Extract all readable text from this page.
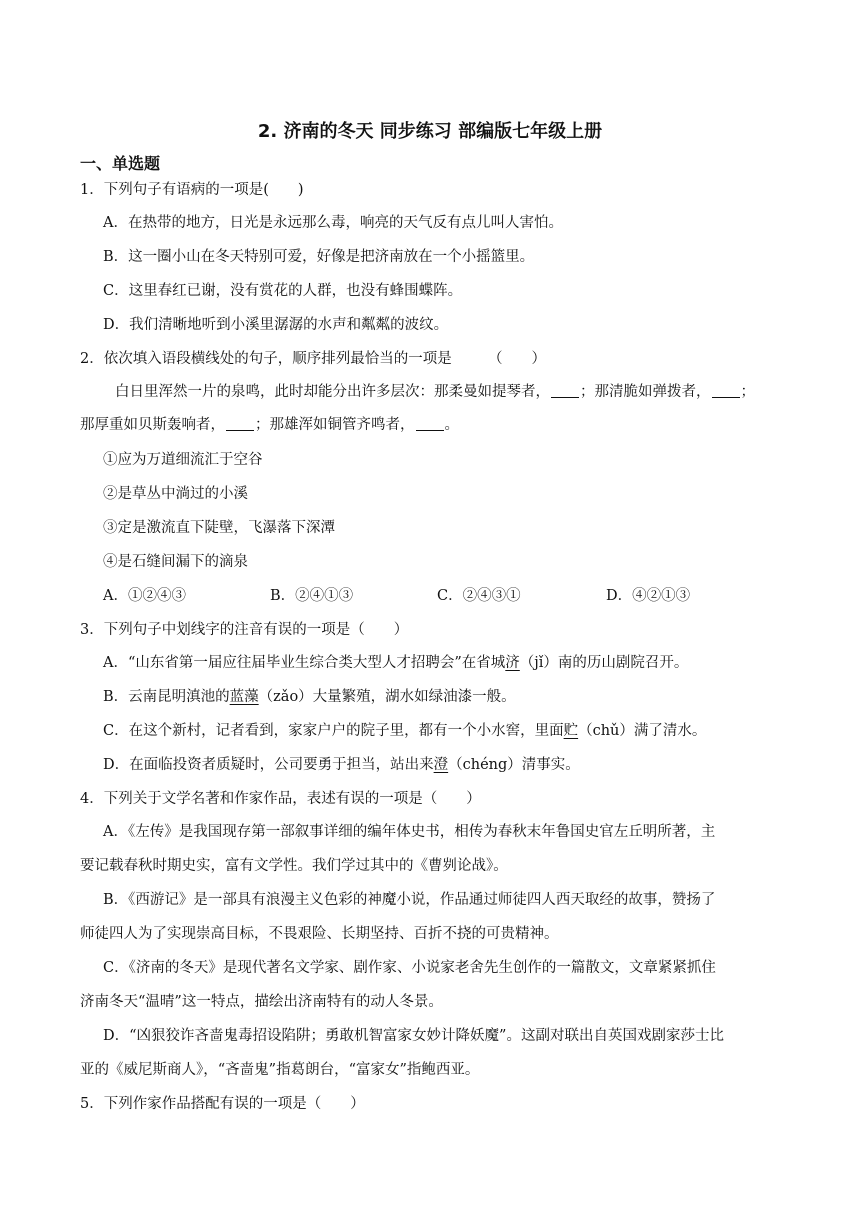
2. 济南的冬天 同步练习 部编版七年级上册
一、单选题
1．下列句子有语病的一项是(　　)
A．在热带的地方，日光是永远那么毒，响亮的天气反有点儿叫人害怕。
B．这一圈小山在冬天特别可爱，好像是把济南放在一个小摇篮里。
C．这里春红已谢，没有赏花的人群，也没有蜂围蝶阵。
D．我们清晰地听到小溪里潺潺的水声和粼粼的波纹。
2．依次填入语段横线处的句子，顺序排列最恰当的一项是　　　（　　）
白日里浑然一片的泉鸣，此时却能分出许多层次：那柔曼如提琴者， ；那清脆如弹拨者， ；
那厚重如贝斯轰响者， ；那雄浑如铜管齐鸣者， 。
①应为万道细流汇于空谷
②是草丛中淌过的小溪
③定是激流直下陡壁，飞瀑落下深潭
④是石缝间漏下的滴泉
A．①②④③	B．②④①③	C．②④③①	D．④②①③
3．下列句子中划线字的注音有误的一项是（　　）
A．“山东省第一届应往届毕业生综合类大型人才招聘会”在省城济（jǐ）南的历山剧院召开。
B．云南昆明滇池的蓝藻（zǎo）大量繁殖，湖水如绿油漆一般。
C．在这个新村，记者看到，家家户户的院子里，都有一个小水窖，里面贮（chǔ）满了清水。
D．在面临投资者质疑时，公司要勇于担当，站出来澄（chéng）清事实。
4．下列关于文学名著和作家作品，表述有误的一项是（　　）
A．《左传》是我国现存第一部叙事详细的编年体史书，相传为春秋末年鲁国史官左丘明所著，主
要记载春秋时期史实，富有文学性。我们学过其中的《曹刿论战》。
B．《西游记》是一部具有浪漫主义色彩的神魔小说，作品通过师徒四人西天取经的故事，赞扬了
师徒四人为了实现崇高目标，不畏艰险、长期坚持、百折不挠的可贵精神。
C．《济南的冬天》是现代著名文学家、剧作家、小说家老舍先生创作的一篇散文，文章紧紧抓住
济南冬天“温晴”这一特点，描绘出济南特有的动人冬景。
D．“凶狠狡诈吝啬鬼毒招设陷阱；勇敢机智富家女妙计降妖魔”。这副对联出自英国戏剧家莎士比
亚的《威尼斯商人》，“吝啬鬼”指葛朗台，“富家女”指鲍西亚。
5．下列作家作品搭配有误的一项是（　　）
